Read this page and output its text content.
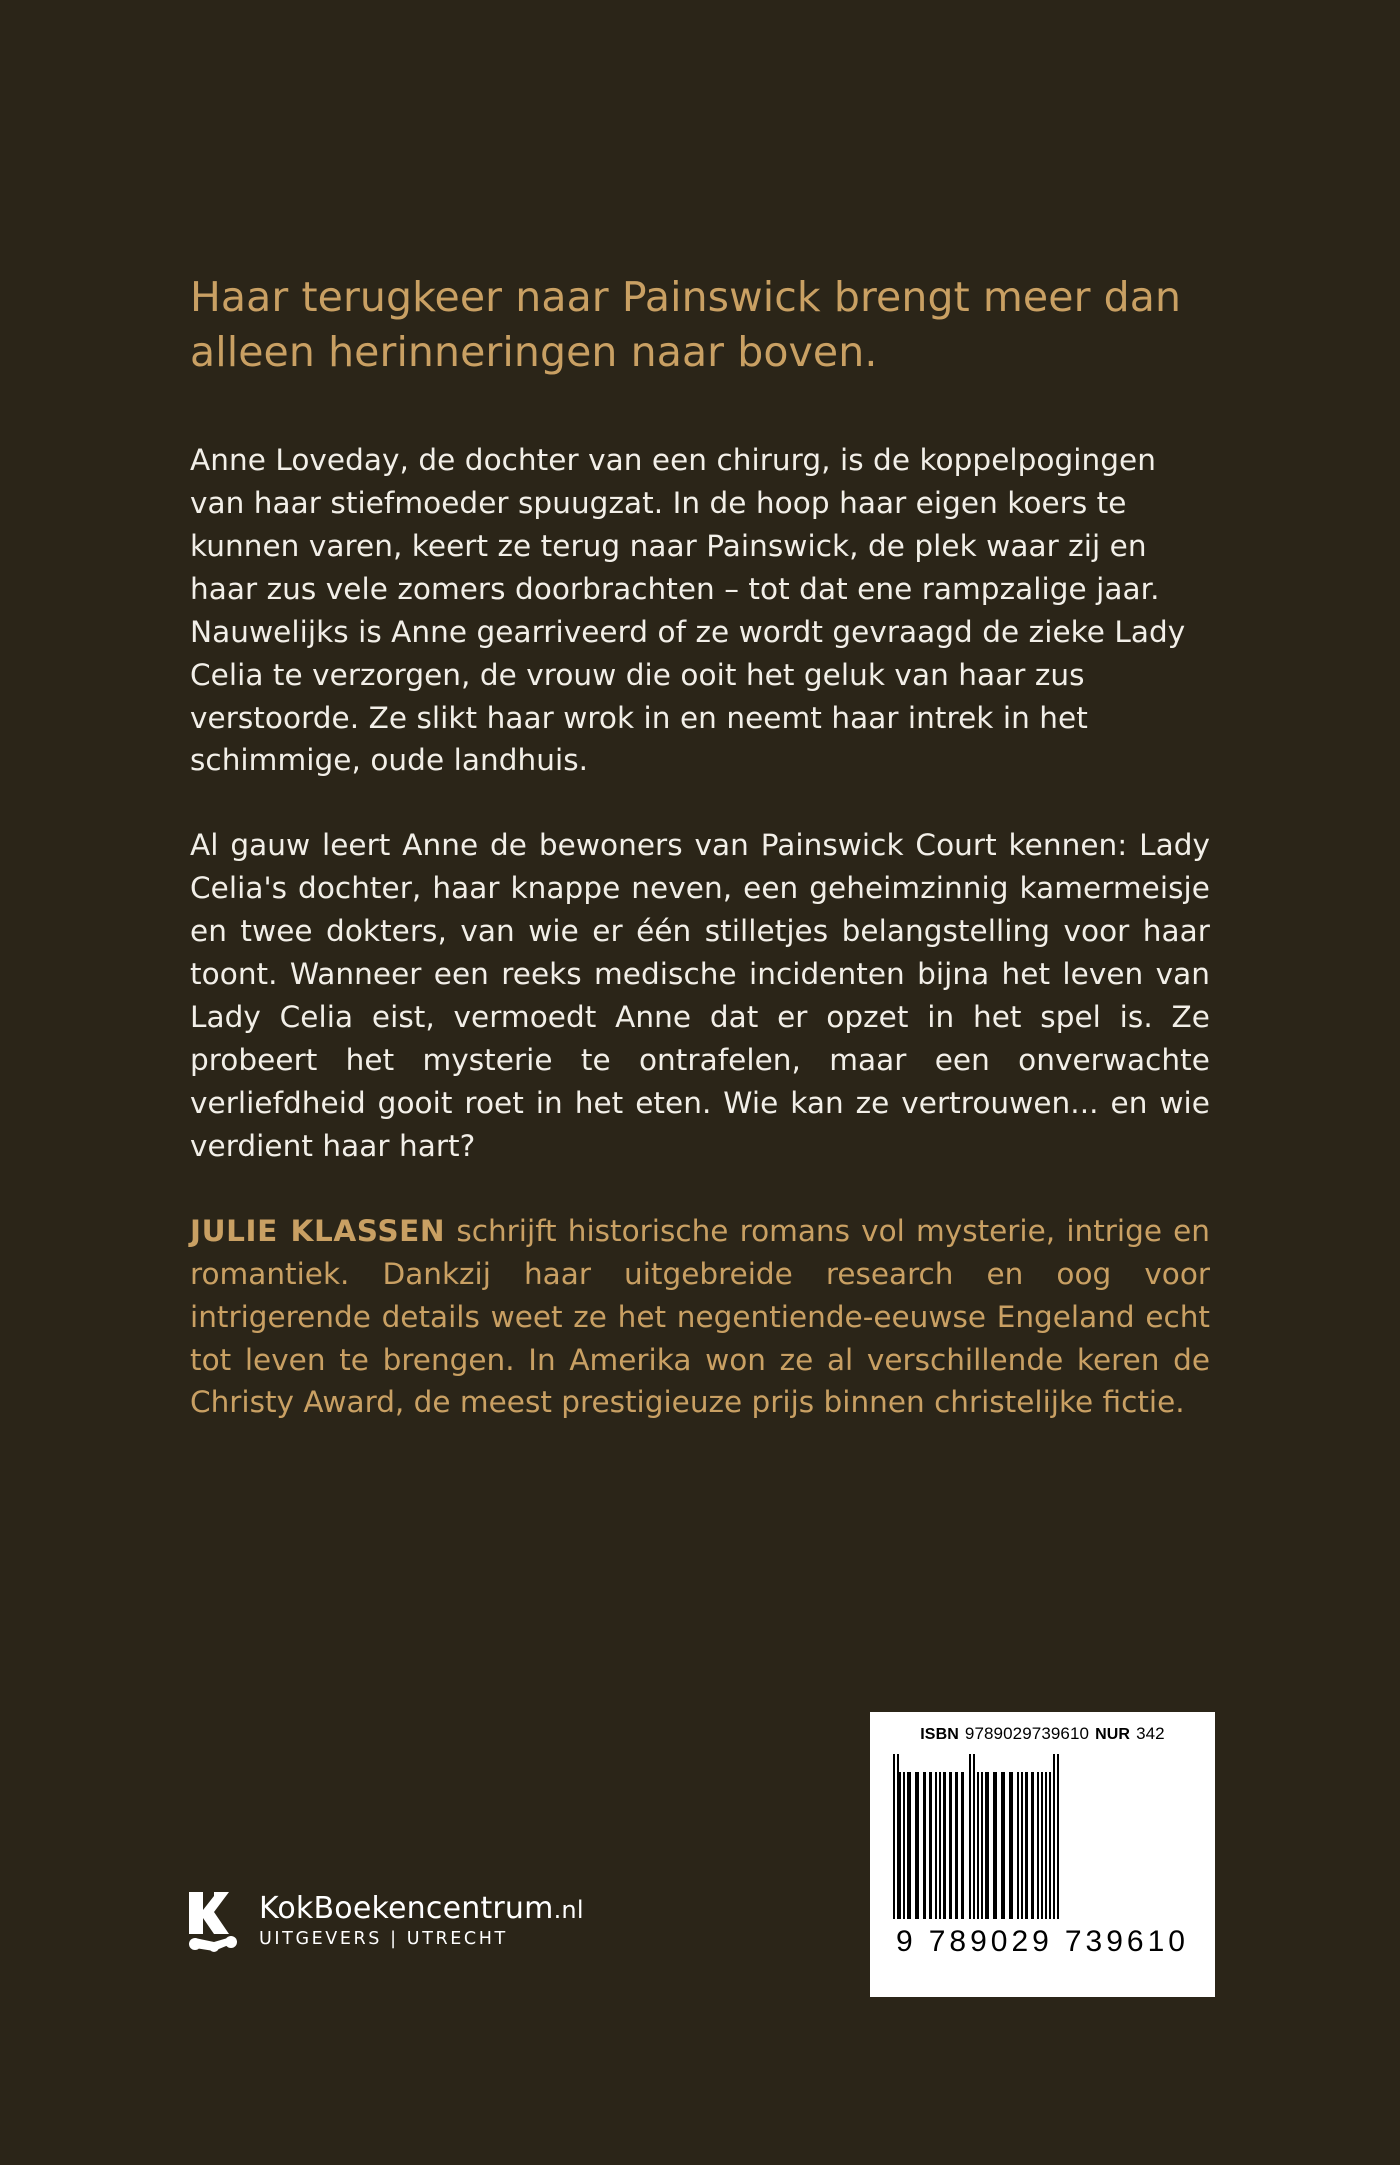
Haar terugkeer naar Painswick brengt meer dan alleen herinneringen naar boven.

Anne Loveday, de dochter van een chirurg, is de koppelpogingen van haar stiefmoeder spuugzat. In de hoop haar eigen koers te kunnen varen, keert ze terug naar Painswick, de plek waar zij en haar zus vele zomers doorbrachten – tot dat ene rampzalige jaar. Nauwelijks is Anne gearriveerd of ze wordt gevraagd de zieke Lady Celia te verzorgen, de vrouw die ooit het geluk van haar zus verstoorde. Ze slikt haar wrok in en neemt haar intrek in het schimmige, oude landhuis.

Al gauw leert Anne de bewoners van Painswick Court kennen: Lady Celia's dochter, haar knappe neven, een geheimzinnig kamermeisje en twee dokters, van wie er één stilletjes belangstelling voor haar toont. Wanneer een reeks medische incidenten bijna het leven van Lady Celia eist, vermoedt Anne dat er opzet in het spel is. Ze probeert het mysterie te ontrafelen, maar een onverwachte verliefdheid gooit roet in het eten. Wie kan ze vertrouwen... en wie verdient haar hart?

JULIE KLASSEN schrijft historische romans vol mysterie, intrige en romantiek. Dankzij haar uitgebreide research en oog voor intrigerende details weet ze het negentiende-eeuwse Engeland echt tot leven te brengen. In Amerika won ze al verschillende keren de Christy Award, de meest prestigieuze prijs binnen christelijke fictie.

KokBoekencentrum.nl
UITGEVERS | UTRECHT
ISBN 9789029739610 NUR 342
9 789029 739610
